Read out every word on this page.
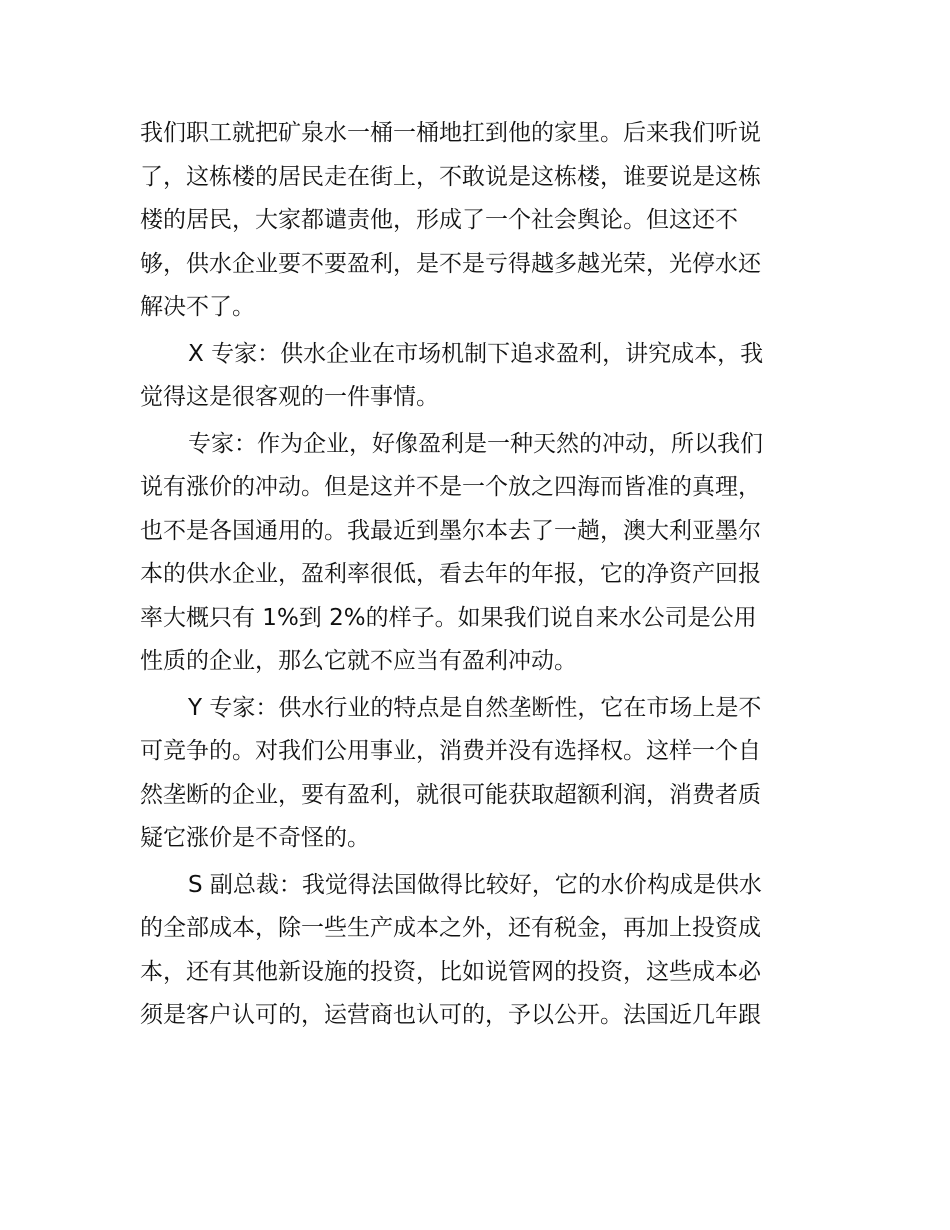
我们职工就把矿泉水一桶一桶地扛到他的家里。后来我们听说
了，这栋楼的居民走在街上，不敢说是这栋楼，谁要说是这栋
楼的居民，大家都谴责他，形成了一个社会舆论。但这还不
够，供水企业要不要盈利，是不是亏得越多越光荣，光停水还
解决不了。
X 专家：供水企业在市场机制下追求盈利，讲究成本，我
觉得这是很客观的一件事情。
专家：作为企业，好像盈利是一种天然的冲动，所以我们
说有涨价的冲动。但是这并不是一个放之四海而皆准的真理，
也不是各国通用的。我最近到墨尔本去了一趟，澳大利亚墨尔
本的供水企业，盈利率很低，看去年的年报，它的净资产回报
率大概只有 1%到 2%的样子。如果我们说自来水公司是公用
性质的企业，那么它就不应当有盈利冲动。
Y 专家：供水行业的特点是自然垄断性，它在市场上是不
可竞争的。对我们公用事业，消费并没有选择权。这样一个自
然垄断的企业，要有盈利，就很可能获取超额利润，消费者质
疑它涨价是不奇怪的。
S 副总裁：我觉得法国做得比较好，它的水价构成是供水
的全部成本，除一些生产成本之外，还有税金，再加上投资成
本，还有其他新设施的投资，比如说管网的投资，这些成本必
须是客户认可的，运营商也认可的，予以公开。法国近几年跟
